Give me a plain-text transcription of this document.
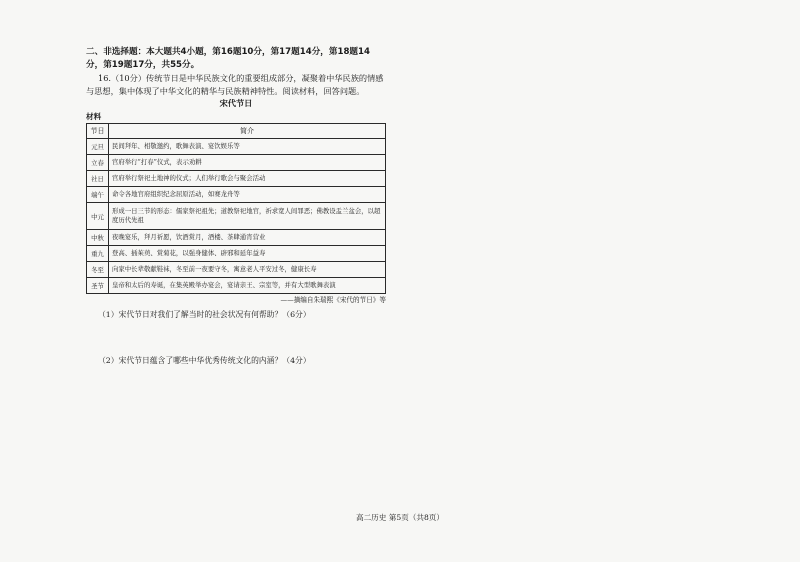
二、非选择题：本大题共4小题，第16题10分，第17题14分，第18题14分，第19题17分，共55分。
16.（10分）传统节日是中华民族文化的重要组成部分，凝聚着中华民族的情感与思想，集中体现了中华文化的精华与民族精神特性。阅读材料，回答问题。
宋代节日
材料
节日	简介
元旦	民间拜年、相敬邀约，歌舞表演、宴饮娱乐等
立春	官府举行“打春”仪式，表示劝耕
社日	官府举行祭祀土地神的仪式；人们举行歌会与聚会活动
端午	命令各地官府组织纪念屈原活动，如赛龙舟等
中元	形成一日三节的形态：儒家祭祀祖先；道教祭祀地官，祈求宽人间罪恶；佛教设盂兰盆会，以超度历代先祖
中秋	夜晚宴乐，拜月祈愿，饮酒赏月，酒楼、茶肆通宵营业
重九	登高、插茱萸、赏菊花，以强身健体、辟邪和延年益寿
冬至	向家中长辈敬献鞋袜，冬至前一夜要守冬，寓意老人平安过冬，健康长寿
圣节	皇帝和太后的寿诞，在集英殿举办宴会，宴请亲王、宗室等，并有大型歌舞表演
——摘编自朱瑞熙《宋代的节日》等
（1）宋代节日对我们了解当时的社会状况有何帮助？（6分）
（2）宋代节日蕴含了哪些中华优秀传统文化的内涵？（4分）
高二历史 第5页（共8页）
